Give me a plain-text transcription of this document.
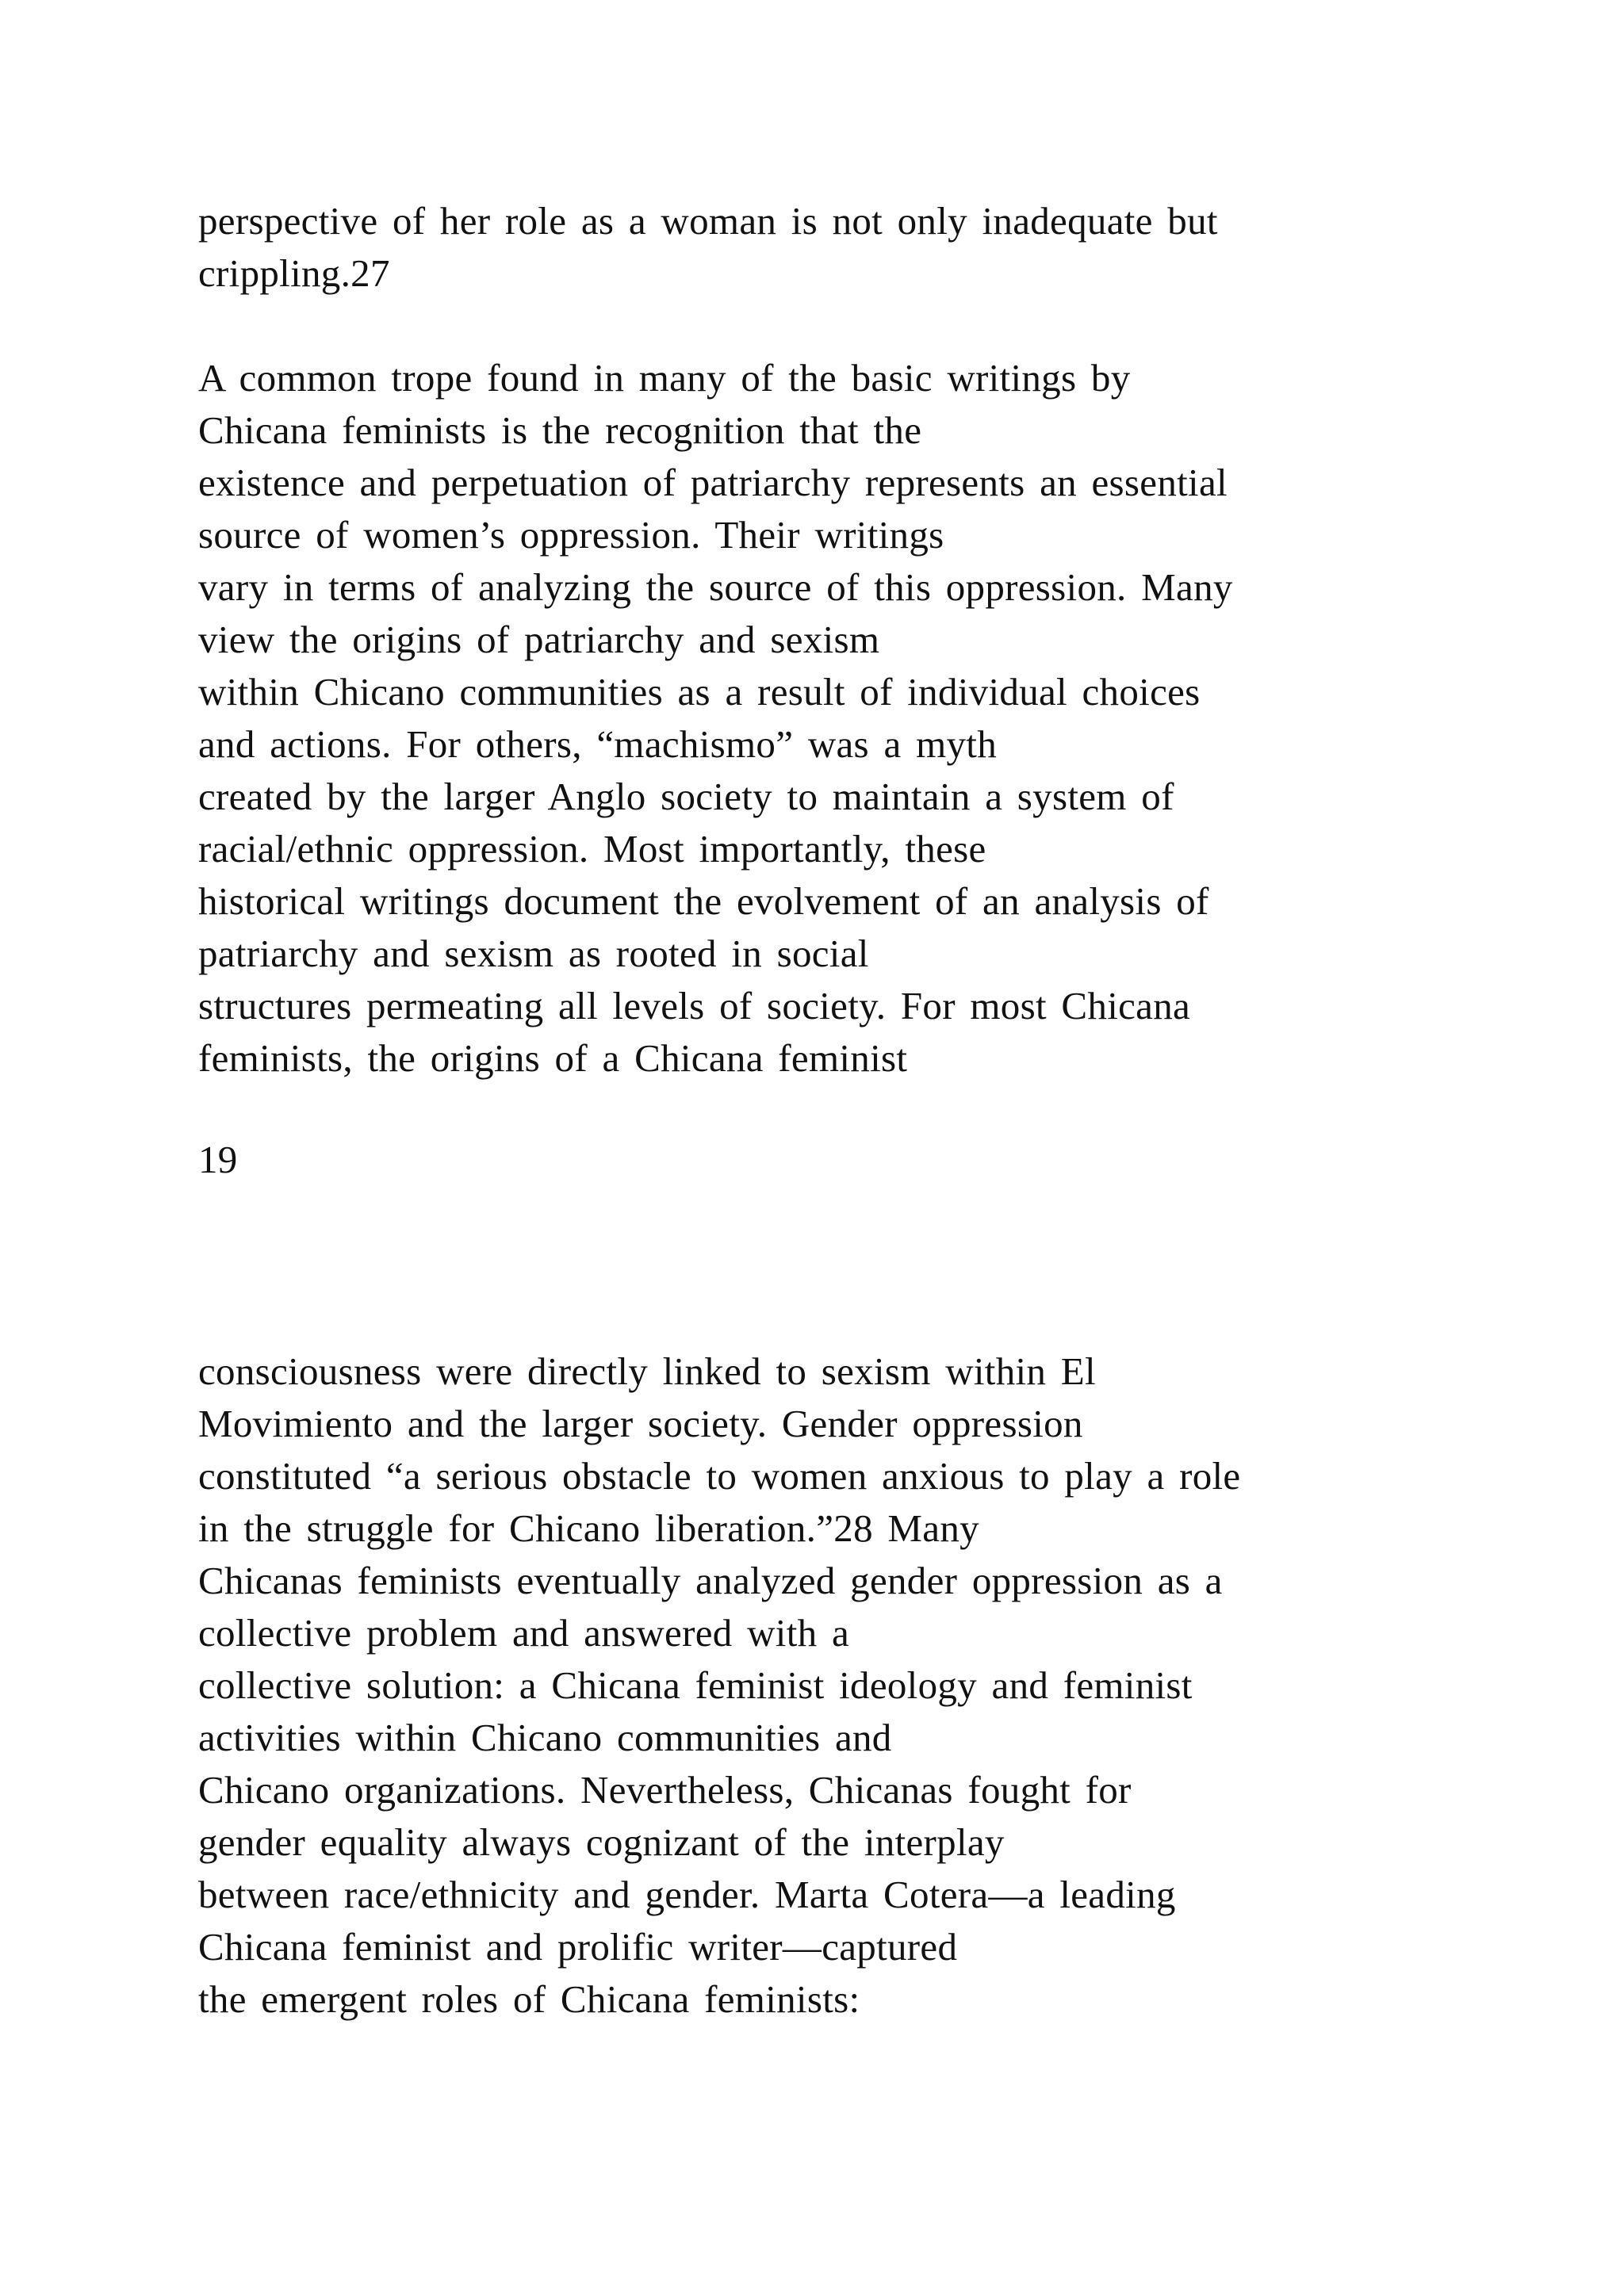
perspective of her role as a woman is not only inadequate but
crippling.27
A common trope found in many of the basic writings by
Chicana feminists is the recognition that the
existence and perpetuation of patriarchy represents an essential
source of women’s oppression. Their writings
vary in terms of analyzing the source of this oppression. Many
view the origins of patriarchy and sexism
within Chicano communities as a result of individual choices
and actions. For others, “machismo” was a myth
created by the larger Anglo society to maintain a system of
racial/ethnic oppression. Most importantly, these
historical writings document the evolvement of an analysis of
patriarchy and sexism as rooted in social
structures permeating all levels of society. For most Chicana
feminists, the origins of a Chicana feminist
19
consciousness were directly linked to sexism within El
Movimiento and the larger society. Gender oppression
constituted “a serious obstacle to women anxious to play a role
in the struggle for Chicano liberation.”28 Many
Chicanas feminists eventually analyzed gender oppression as a
collective problem and answered with a
collective solution: a Chicana feminist ideology and feminist
activities within Chicano communities and
Chicano organizations. Nevertheless, Chicanas fought for
gender equality always cognizant of the interplay
between race/ethnicity and gender. Marta Cotera—a leading
Chicana feminist and prolific writer—captured
the emergent roles of Chicana feminists:
